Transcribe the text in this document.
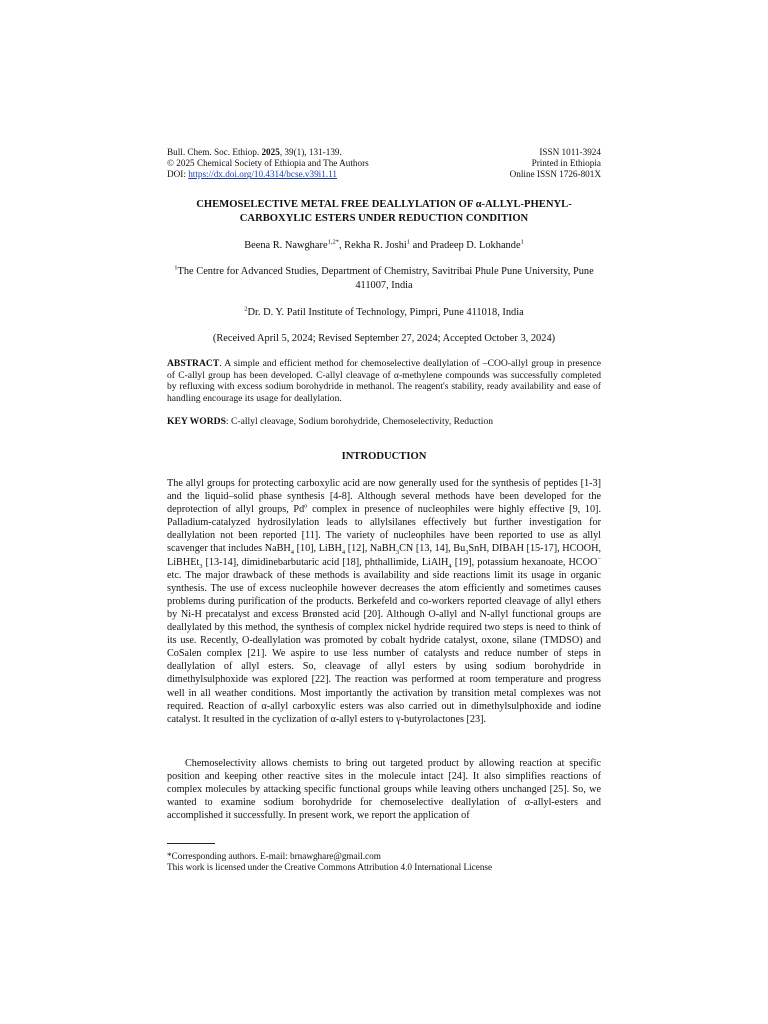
Bull. Chem. Soc. Ethiop. 2025, 39(1), 131-139.	ISSN 1011-3924
© 2025 Chemical Society of Ethiopia and The Authors	Printed in Ethiopia
DOI: https://dx.doi.org/10.4314/bcse.v39i1.11	Online ISSN 1726-801X
CHEMOSELECTIVE METAL FREE DEALLYLATION OF α-ALLYL-PHENYL-
CARBOXYLIC ESTERS UNDER REDUCTION CONDITION
Beena R. Nawghare$^{1,2*}$, Rekha R. Joshi$^1$ and Pradeep D. Lokhande$^1$
$^1$The Centre for Advanced Studies, Department of Chemistry, Savitribai Phule Pune University, Pune 411007, India
$^2$Dr. D. Y. Patil Institute of Technology, Pimpri, Pune 411018, India
(Received April 5, 2024; Revised September 27, 2024; Accepted October 3, 2024)

ABSTRACT. A simple and efficient method for chemoselective deallylation of –COO-allyl group in presence of C-allyl group has been developed. C-allyl cleavage of α-methylene compounds was successfully completed by refluxing with excess sodium borohydride in methanol. The reagent's stability, ready availability and ease of handling encourage its usage for deallylation.

KEY WORDS: C-allyl cleavage, Sodium borohydride, Chemoselectivity, Reduction

INTRODUCTION

The allyl groups for protecting carboxylic acid are now generally used for the synthesis of peptides [1-3] and the liquid–solid phase synthesis [4-8]. Although several methods have been developed for the deprotection of allyl groups, Pd$^o$ complex in presence of nucleophiles were highly effective [9, 10]. Palladium-catalyzed hydrosilylation leads to allylsilanes effectively but further investigation for deallylation not been reported [11]. The variety of nucleophiles have been reported to use as allyl scavenger that includes NaBH$_4$ [10], LiBH$_4$ [12], NaBH$_3$CN [13, 14], $Bu_3SnH$, DIBAH [15-17], HCOOH, LiBHEt$_3$ [13-14], dimidinebarbutaric acid [18], phthallimide, LiAlH$_4$ [19], potassium hexanoate, HCOO− etc. The major drawback of these methods is availability and side reactions limit its usage in organic synthesis. The use of excess nucleophile however decreases the atom efficiently and sometimes causes problems during purification of the products. Berkefeld and co-workers reported cleavage of allyl ethers by Ni-H precatalyst and excess Brønsted acid [20]. Although O-allyl and N-allyl functional groups are deallylated by this method, the synthesis of complex nickel hydride required two steps is need to think of its use. Recently, O-deallylation was promoted by cobalt hydride catalyst, oxone, silane (TMDSO) and CoSalen complex [21]. We aspire to use less number of catalysts and reduce number of steps in deallylation of allyl esters. So, cleavage of allyl esters by using sodium borohydride in dimethylsulphoxide was explored [22]. The reaction was performed at room temperature and progress well in all weather conditions. Most importantly the activation by transition metal complexes was not required. Reaction of α-allyl carboxylic esters was also carried out in dimethylsulphoxide and iodine catalyst. It resulted in the cyclization of α-allyl esters to γ-butyrolactones [23].

Chemoselectivity allows chemists to bring out targeted product by allowing reaction at specific position and keeping other reactive sites in the molecule intact [24]. It also simplifies reactions of complex molecules by attacking specific functional groups while leaving others unchanged [25]. So, we wanted to examine sodium borohydride for chemoselective deallylation of α-allyl-esters and accomplished it successfully. In present work, we report the application of

*Corresponding authors. E-mail: brnawghare@gmail.com
This work is licensed under the Creative Commons Attribution 4.0 International License
